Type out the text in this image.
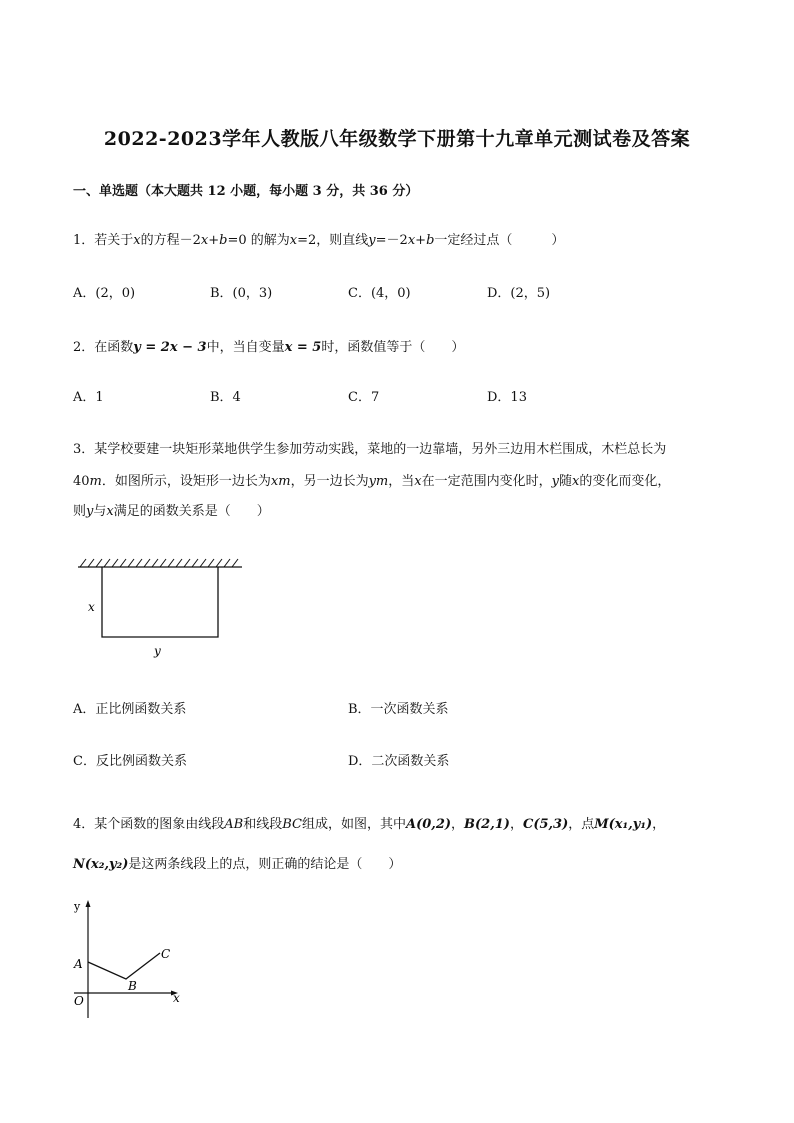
2022-2023学年人教版八年级数学下册第十九章单元测试卷及答案
一、单选题（本大题共 12 小题，每小题 3 分，共 36 分）
1．若关于x的方程－2x+b=0 的解为x=2，则直线y=－2x+b一定经过点（　　　）
A．(2，0)	B．(0，3)	C．(4，0)	D．(2，5)
2．在函数y = 2x − 3中，当自变量x = 5时，函数值等于（　　）
A．1	B．4	C．7	D．13
3．某学校要建一块矩形菜地供学生参加劳动实践，菜地的一边靠墙，另外三边用木栏围成，木栏总长为
40m．如图所示，设矩形一边长为xm，另一边长为ym，当x在一定范围内变化时，y随x的变化而变化，
则y与x满足的函数关系是（　　）
x
y
A．正比例函数关系	B．一次函数关系
C．反比例函数关系	D．二次函数关系
4．某个函数的图象由线段AB和线段BC组成，如图，其中A(0,2)，B(2,1)，C(5,3)，点M(x₁,y₁)，
N(x₂,y₂)是这两条线段上的点，则正确的结论是（　　）
y
x
O
A
B
C
